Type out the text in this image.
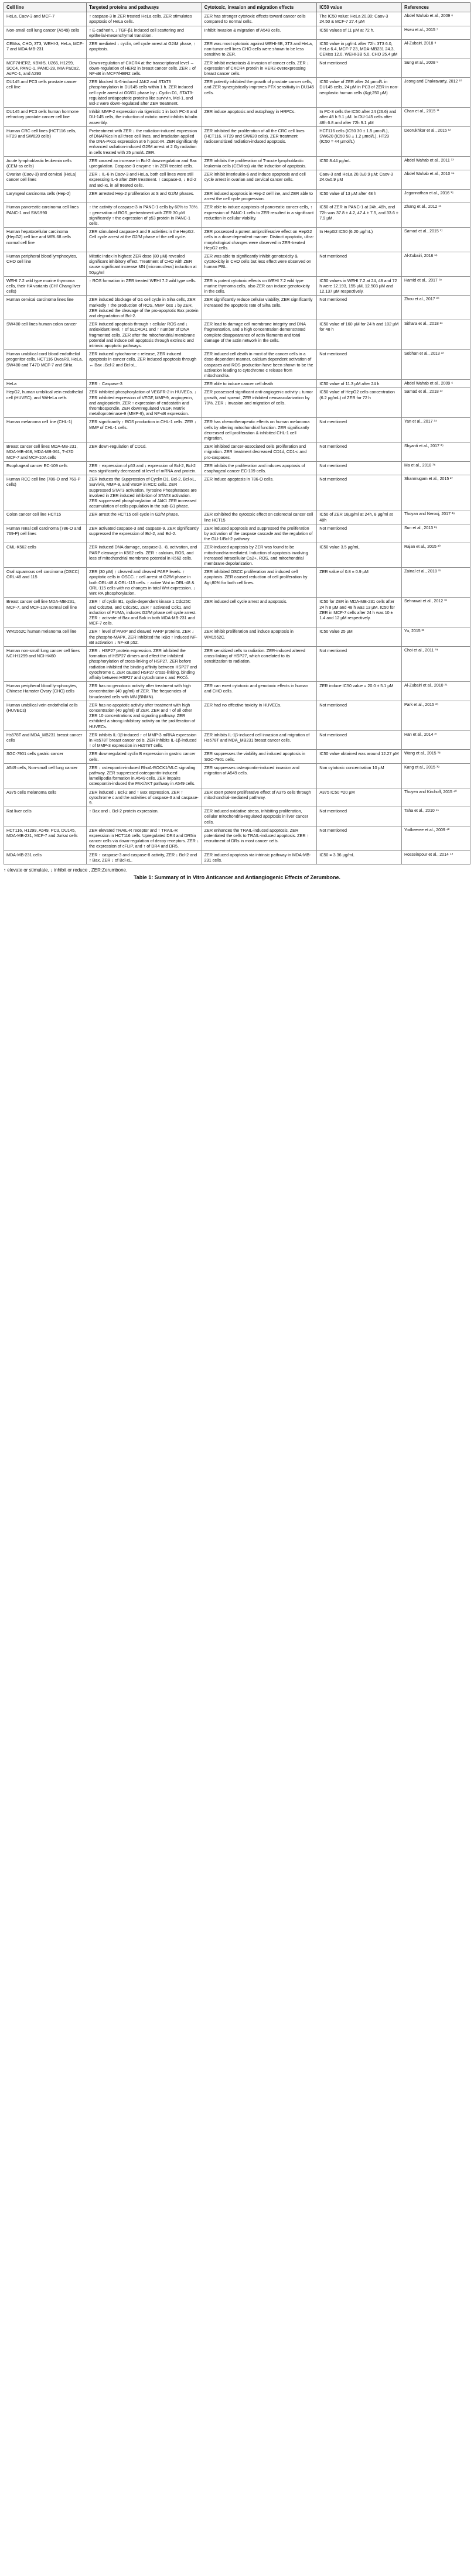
Cell line	Targeted proteins and pathways	Cytotoxic, invasion and migration effects	IC50 value	References
HeLa, Caov-3 and MCF-7	↑ caspase-3 in ZER treated HeLa cells. ZER stimulates apoptosis of HeLa cells.	ZER has stronger cytotoxic effects toward cancer cells compared to normal cells.	The IC50 value: HeLa 20.30; Caov-3 24.50 & MCF-7 27.4 µM	Abdel Wahab et al., 2009 ⁶
Non-small cell lung cancer (A549) cells	↑ E-cadherin, ↓ TGF-β1 induced cell scattering and epithelial-mesenchymal transition.	Inhibit invasion & migration of A549 cells.	IC50 values of 11 µM at 72 h.	Hseu et al., 2015 ⁷
CEMss, CHO, 3T3, WEHI-3, HeLa, MCF-7 and MDA-MB-231	ZER mediated ↓ cyclin, cell cycle arrest at G2/M phase, ↑ apoptosis.	ZER was most cytotoxic against WEHI-3B, 3T3 and HeLa, non-tumor cell lines CHO cells were shown to be less sensitive to ZER.	IC50 value in µg/mL after 72h: 3T3 6.0, HeLa 6.4, MCF-7 23, MDA-MB231 24.3, CEMss 12.0, WEHI-3B 5.0, CHO 25.4 µM	Al-Zubairi, 2018 ⁸
MCF7/HER2, KBM-5, U266, H1299, SCC4, PANC-1, PANC-28, MIA PaCa2, AsPC-1, and A293	Down-regulation of CXCR4 at the transcriptional level → down-regulation of HER2 in breast cancer cells. ZER ↓ of NF-κB in MCF7/HER2 cells.	ZER inhibit metastasis & invasion of cancer cells. ZER ↓ expression of CXCR4 protein in HER2-overexpressing breast cancer cells.	Not mentioned	Sung et al., 2008 ⁹
DU145 and PC3 cells prostate cancer cell line	ZER blocked IL-6-induced JAK2 and STAT3 phosphorylation in DU145 cells within 1 h. ZER induced cell cycle arrest at G0/G1 phase by ↓ Cyclin D1, STAT3-regulated antiapoptotic proteins like survivin, Mcl-1, and Bcl-2 were down-regulated after ZER treatment.	ZER potently inhibited the growth of prostate cancer cells, and ZER synergistically improves PTX sensitivity in DU145 cells.	IC50 value of ZER after 24 µmol/L in DU145 cells, 24 µM in PC3 of ZER in non-neoplastic human cells (&gt;250 µM)	Jeong and Chakravarty, 2012 ¹⁰
DU145 and PC3 cells human hormone refractory prostate cancer cell line	Inhibit MMP-2 expression via tigenistic 1 in both PC-3 and DU-145 cells, the induction of mitotic arrest inhibits tubulin assembly.	ZER induce apoptosis and autophagy in HRPCs.	In PC-3 cells the IC50 after 24 (26.6) and after 48 h 9.1 µM. In DU-145 cells after 48h 6.8 and after 72h 9.1 µM	Chan et al., 2015 ¹¹
Human CRC cell lines (HCT116 cells, HT29 and SW620 cells)	Pretreatment with ZER ↓ the radiation-induced expression of DNAPKcs in all three cell lines, and irradiation applied the DNA-PKcs expression at 6 h post-IR. ZER significantly enhanced radiation-induced G2/M arrest at 2 Gy radiation in cells treated with 25 µmol/L ZER.	ZER inhibited the proliferation of all the CRC cell lines (HCT116, HT29 and SW620 cells). ZER treatment radiosensitized radiation-induced apoptosis.	HCT116 cells (IC50 30 ± 1.5 µmol/L), SW620 (IC50 58 ± 1.2 µmol/L), HT29 (IC50 = 44 µmol/L)	Deorukhkar et al., 2015 ¹²
Acute lymphoblastic leukemia cells (CEM-ss cells)	ZER caused an increase in Bcl-2 downregulation and Bax upregulation. Caspase-3 enzyme ↑ in ZER treated cells.	ZER inhibits the proliferation of T-acute lymphoblastic leukemia cells (CEM-ss) via the induction of apoptosis.	IC50 8.44 µg/mL	Abdel Wahab et al., 2011 ¹³
Ovarian (Caov-3) and cervical (HeLa) cancer cell lines	ZER ↓ IL-6 in Caov-3 and HeLa, both cell lines were still expressing IL-6 after ZER treatment. ↑ caspase-3, ↓ Bcl-2 and Bcl-xL in all treated cells.	ZER inhibit interleukin-6 and induce apoptosis and cell cycle arrest in ovarian and cervical cancer cells.	Caov-3 and HeLa 20.0±0.9 µM; Caov-3 24.0±0.9 µM	Abdel Wahab et al., 2010 ¹⁴
Laryngeal carcinoma cells (Hep-2)	ZER arrested Hep-2 proliferation at S and G2/M phases.	ZER induced apoptosis in Hep-2 cell line, and ZER able to arrest the cell cycle progression.	IC50 value of 13 µM after 48 h	Jegannathan et al., 2016 ¹⁵
Human pancreatic carcinoma cell lines PANC-1 and SW1990	↑ the activity of caspase-3 in PANC-1 cells by 60% to 78%. ↑ generation of ROS, pretreatment with ZER 30 µM significantly ↑ the expression of p53 protein in PANC-1 cells.	ZER able to induce apoptosis of pancreatic cancer cells, ↑ expression of PANC-1 cells to ZER resulted in a significant reduction in cellular viability.	IC50 of ZER in PANC-1 at 24h, 48h, and 72h was 37.8 ± 4.2, 47.4 ± 7.5, and 33.6 ± 7.9 µM.	Zhang et al., 2012 ¹⁶
Human hepatocellular carcinoma (HepG2) cell line and WRL68 cells normal cell line	ZER stimulated caspase-3 and 9 activities in the HepG2. Cell cycle arrest at the G2/M phase of the cell cycle.	ZER possessed a potent antiproliferative effect on HepG2 cells in a dose-dependent manner. Distinct apoptotic, ultra-morphological changes were observed in ZER-treated HepG2 cells.	In HepG2 IC50 (6.20 µg/mL)	Samad et al., 2015 ¹⁷
Human peripheral blood lymphocytes, CHO cell line	Mitotic index in highest ZER dose (80 µM) revealed significant inhibitory effect. Treatment of CHO with ZER cause significant increase MN (micronucleus) induction at 50µg/ml	ZER was able to significantly inhibit genotoxicity & cytotoxicity in CHO cells but less effect were observed on human PBL.	Not mentioned	Al-Zubairi, 2016 ¹⁸
WEHI 7.2 wild type murine thymoma cells, their HA variants (CH/ Chang liver cells)	↑ ROS formation in ZER treated WEHI 7.2 wild type cells.	ZER is potent cytotoxic effects on WEHI 7.2 wild type murine thymoma cells, also ZER can induce genotoxicity in the cells.	IC50 values in WEHI 7.2 at 24, 48 and 72 h were 12.193, 155 µM, 12.503 µM and 12.137 µM respectively.	Hamid et al., 2017 ¹⁹
Human cervical carcinoma lines line	ZER induced blockage of G1 cell cycle in Siha cells, ZER markedly ↑ the production of ROS, MMP loss ↓ by ZER, ZER induced the cleavage of the pro-apoptotic Bax protein and degradation of Bcl-2.	ZER significantly reduce cellular viability, ZER significantly increased the apoptotic rate of Siha cells.	Not mentioned	Zhou et al., 2017 ²⁰
SW480 cell lines human colon cancer	ZER induced apoptosis through ↑ cellular ROS and ↓ antioxidant level, ↑ of SLC40A1 and ↑ number of DNA fragmented cells. ZER after the mitochondrial membrane potential and induce cell apoptosis through extrinsic and intrinsic apoptotic pathways.	ZER lead to damage cell membrane integrity and DNA fragmentation, and a high concentration demonstrated complete disappearance of actin filaments and total damage of the actin network in the cells.	IC50 value of 160 µM for 24 h and 102 µM for 48 h	Sithara et al., 2018 ²¹
Human umbilical cord blood endothelial progenitor cells, HCT116 OvcaR8, HeLa, SW480 and T47D MCF-7 and SiHa	ZER induced cytochrome c release, ZER induced apoptosis in cancer cells, ZER induced apoptosis through ↔ Bax ↓Bcl-2 and Bcl-xL.	ZER induced cell death in most of the cancer cells in a dose-dependent manner, calcium dependent activation of caspases and ROS production have been shown to be the activation leading to cytochrome c release from mitochondria.	Not mentioned	Sobhan et al., 2013 ²²
HeLa	ZER ↑ Caspase-3	ZER able to induce cancer cell death	IC50 value of 11.3 µM after 24 h	Abdel Wahab et al., 2009 ⁶
HepG2, human umbilical vein endothelial cell (HUVEC), and WiHeLa cells	ZER inhibited phosphorylation of VEGFR-2 in HUVECs. ↓ ZER inhibited expression of VEGF, MMP-9, angiogenin, and angiopoietin. ZER ↑ expression of endostatin and thrombospondin. ZER downregulated VEGF, Matrix metalloproteinase-9 (MMP-9), and NF-κB expression.	ZER possessed significant anti-angiogenic activity ↓ tumor growth, and spread, ZER inhibited neovascularization by 70%. ZER ↓ invasion and migration of cells.	IC50 value of HepG2 cells concentration (6.2 µg/mL) of ZER for 72 h	Samad et al., 2018 ²³
Human melanoma cell line (CHL-1)	ZER significantly ↑ ROS production in CHL-1 cells. ZER ↓ MMP of CHL-1 cells.	ZER has chemotherapeutic effects on human melanoma cells by altering mitochondrial function. ZER significantly decreased cell proliferation & inhibited CHL-1 cell migration.	Not mentioned	Yan et al., 2017 ²⁴
Breast cancer cell lines MDA-MB-231, MDA-MB-468, MDA-MB-361, T-47D MCF-7 and MCF-10A cells	ZER down-regulation of CD1d.	ZER inhibited cancer-associated cells proliferation and migration. ZER treatment decreased CD1d, CD1-c and pro-caspases.	Not mentioned	Shyanti et al., 2017 ²⁵
Esophageal cancer EC-109 cells	ZER ↑ expression of p53 and ↓ expression of Bcl-2, Bcl-2 was significantly decreased at level of mRNA and protein.	ZER inhibits the proliferation and induces apoptosis of esophageal cancer EC-109 cells.	Not mentioned	Ma et al., 2018 ²⁶
Human RCC cell line (786-O and 769-P cells)	ZER induces the Suppression of Cyclin D1, Bcl-2, Bcl-xL, Survivin, MMP-9, and VEGF in RCC cells. ZER suppressed STAT3 activation, Tyrosine Phosphatases are involved in ZER induced inhibition of STAT3 activation. ZER suppressed phosphorylation of JAK1 ZER increased accumulation of cells population in the sub-G1 phase.	ZER induce apoptosis in 786-O cells.	Not mentioned	Shanmugam et al., 2015 ²⁷
Colon cancer cell line HCT15	ZER arrest the HCT15 cell cycle in G2/M phase.	ZER exhibited the cytotoxic effect on colorectal cancer cell line HCT15	IC50 of ZER 18µg/ml at 24h, 8 µg/ml at 48h	Thoyan and Nerooj, 2017 ²⁸
Human renal cell carcinoma (786-O and 769-P) cell lines	ZER activated caspase-3 and caspase-9. ZER significantly suppressed the expression of Bcl-2, and Bcl-2.	ZER induced apoptosis and suppressed the proliferation by activation of the caspase cascade and the regulation of the GLI-1/Bcl-2 pathway.	Not mentioned	Sun et al., 2013 ²⁹
CML-K562 cells	ZER induced DNA damage, caspase-3, -8, activation, and PARP cleavage in K562 cells. ZER ↑ calcium, ROS, and loss of mitochondrial membrane potential in K562 cells.	ZER-induced apoptosis by ZER was found to be mitochondria-mediated. Induction of apoptosis involving increased intracellular Ca2+, ROS, and mitochondrial membrane depolarization.	IC50 value 3.5 µg/mL	Rajan et al., 2015 ³⁰
Oral squamous cell carcinoma (OSCC) ORL-48 and 115	ZER (30 µM) ↑ cleaved and cleaved PARP levels. ↑ apoptotic cells in OSCC. ↑ cell arrest at G2/M phase in both ORL-48 & ORL-115 cells. ↑ active Wnt in ORL-48 & ORL-115 cells with no changes in total Wnt expression. ↓ Wnt RA phosphorylation.	ZER inhibited OSCC proliferation and induced cell apoptosis. ZER caused reduction of cell proliferation by &gt;80% for both cell lines.	ZER value of 0.8 ± 0.9 µM	Zainal et al., 2018 ³¹
Breast cancer cell line MDA-MB-231, MCF-7, and MCF-10A normal cell line	ZER ↑ of cyclin B1, cyclin-dependent kinase 1 Cdc25C and Cdc25B, and Cdc25C, ZER ↑ activated Cdk1, and induction of PUMA, induces G2/M phase cell cycle arrest. ZER ↑ activate of Bax and Bak in both MDA-MB-231 and MCF-7 cells.	ZER induced cell cycle arrest and apoptosis.	IC50 for ZER in MDA-MB-231 cells after 24 h 8 µM and 48 h was 13 µM. IC50 for ZER in MCF-7 cells after 24 h was 10 ± 1.4 and 12 µM respectively.	Sehrawat et al., 2012 ³²
WM1552C human melanoma cell line	ZER ↑ level of PARP and cleaved PARP proteins. ZER ↓ the phospho-MAPK. ZER inhibited the IκBα ↑ induced NF-κB activation ↓ NF-κB p52.	ZER inhibit proliferation and induce apoptosis in WM1552C.	IC50 value 25 µM	Yu, 2015 ³³
Human non-small lung cancer cell lines NCI-H1299 and NCI-H460	ZER ↓ HSP27 protein expression. ZER inhibited the formation of HSP27 dimers and effect the inhibited phosphorylation of cross-linking of HSP27, ZER before radiation inhibited the binding affinity between HSP27 and cytochrome c, ZER caused HSP27 cross-linking, binding affinity between HSP27 and cytochrome c and PKCδ.	ZER sensitized cells to radiation. ZER-induced altered cross-linking of HSP27, which correlated to its sensitization to radiation.	Not mentioned	Choi et al., 2011 ³⁴
Human peripheral blood lymphocytes, Chinese Hamster Ovary (CHO) cells	ZER has no genotoxic activity after treatment with high concentration (40 µg/ml) of ZER. The frequencies of binucleated cells with MN (BNMN).	ZER can exert cytotoxic and genotoxic effects in human and CHO cells.	ZER induce IC50 value = 20.0 ± 5.1 µM	Al-Zubairi et al., 2010 ³⁵
Human umbilical vein endothelial cells (HUVECs)	ZER has no apoptotic activity after treatment with high concentration (40 µg/ml) of ZER. ZER and ↑ of all other ZER 10 concentrations and signaling pathway. ZER exhibited a strong inhibitory activity on the proliferation of HUVECs.	ZER had no effective toxicity in HUVECs.	Not mentioned	Park et al., 2015 ³⁶
Hs578T and MDA_MB231 breast cancer cells	ZER inhibits IL-1β-induced ↑ of MMP-3 mRNA expression in Hs578T breast cancer cells. ZER inhibits IL-1β-induced ↑ of MMP-3 expression in Hs578T cells.	ZER inhibits IL-1β-induced cell invasion and migration of Hs578T and MDA_MB231 breast cancer cells.	Not mentioned	Han et al., 2014 ³⁷
SGC-7901 cells gastric cancer	ZER downregulated cyclin B expression in gastric cancer cells.	ZER suppresses the viability and induced apoptosis in SGC-7901 cells.	IC50 value obtained was around 12.27 µM	Wang et al., 2015 ³⁸
A549 cells, Non-small cell lung cancer	ZER ↓ osteopontin-induced RhoA-ROCK1/MLC signaling pathway. ZER suppressed osteopontin-induced lamellipodia formation in A549 cells. ZER impairs osteopontin-induced the FAK/AKT pathway in A549 cells.	ZER suppresses osteopontin-induced invasion and migration of A549 cells.	Non cytotoxic concentration 10 µM	Kang et al., 2015 ³⁹
A375 cells melanoma cells	ZER induced ↓ Bcl-2 and ↑ Bax expression. ZER ↑ cytochrome c and the activities of caspase-3 and caspase-9.	ZER exert potent proliferative effect of A375 cells through mitochondrial-mediated pathway.	A375 IC50 =20 µM	Thuyen and Kirchoff, 2015 ⁴⁰
Rat liver cells	↑ Bax and ↓ Bcl-2 protein expression.	ZER induced oxidative stress, inhibiting proliferation, cellular mitochondria-regulated apoptosis in liver cancer cells.	Not mentioned	Taha et al., 2010 ⁴¹
HCT116, H1299, A549, PC3, DU145, MDA-MB-231, MCF-7 and Jurkat cells	ZER elevated TRAIL-R receptor and ↑ TRAIL-R expression in HCT116 cells. Upregulated DR4 and DR5in cancer cells via down-regulation of decoy receptors. ZER ↓ the expression of cFLIP, and ↑ of DR4 and DR5.	ZER enhances the TRAIL-induced apoptosis, ZER potentiated the cells to TRAIL-induced apoptosis. ZER ↑ recruitment of DRs in most cancer cells.	Not mentioned	Yodkeeree et al., 2009 ⁴²
MDA-MB-231 cells	ZER ↑ caspase-3 and caspase-8 activity, ZER ↓ Bcl-2 and ↑ Bax, ZER ↓ of Bcl-xL.	ZER induced apoptosis via intrinsic pathway in MDA-MB-231 cells.	IC50 = 3.36 µg/mL	Hosseinpour et al., 2014 ⁴³
↑ elevate or stimulate, ↓ inhibit or reduce , ZER:Zerumbone.
Table 1: Summary of In Vitro Anticancer and Antiangiogenic Effects of Zerumbone.
